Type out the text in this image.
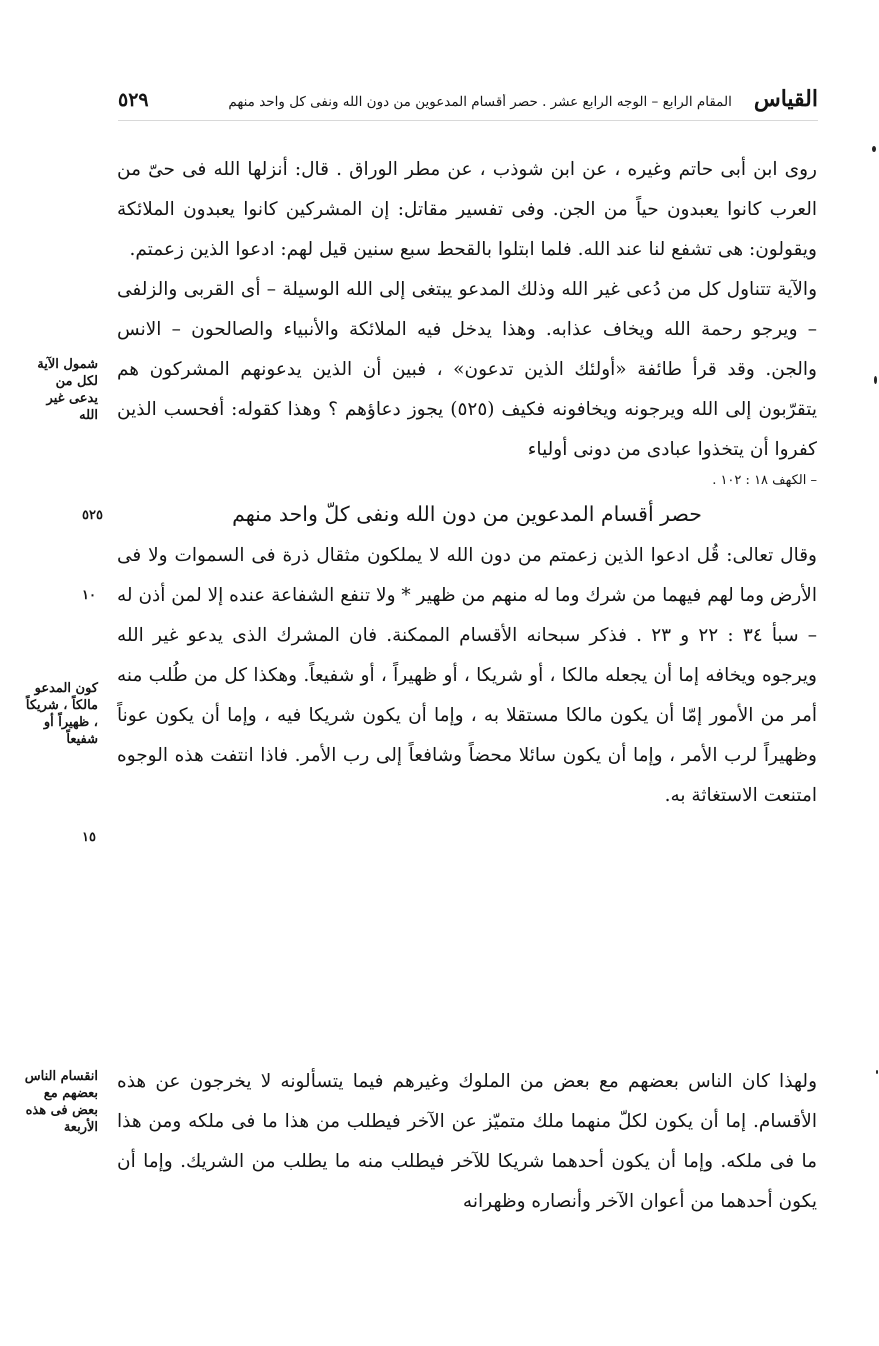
القياس
المقام الرابع – الوجه الرابع عشر . حصر أقسام المدعوين من دون الله ونفى كل واحد منهم
٥٢٩

روى ابن أبى حاتم وغيره ، عن ابن شوذب ، عن مطر الوراق . قال: أنزلها الله فى حىّ من العرب كانوا يعبدون حياً من الجن. وفى تفسير مقاتل: إن المشركين كانوا يعبدون الملائكة ويقولون: هى تشفع لنا عند الله. فلما ابتلوا بالقحط سبع سنين قيل لهم: ادعوا الذين زعمتم.

والآية تتناول كل من دُعى غير الله وذلك المدعو يبتغى إلى الله الوسيلة – أى القربى والزلفى – ويرجو رحمة الله ويخاف عذابه. وهذا يدخل فيه الملائكة والأنبياء والصالحون – الانس والجن. وقد قرأ طائفة «أولئك الذين تدعون» ، فبين أن الذين يدعونهم المشركون هم يتقرّبون إلى الله ويرجونه ويخافونه فكيف (٥٢٥) يجوز دعاؤهم ؟ وهذا كقوله: أفحسب الذين كفروا أن يتخذوا عبادى من دونى أولياء

– الكهف ١٨ : ١٠٢ .

حصر أقسام المدعوين من دون الله ونفى كلّ واحد منهم

وقال تعالى: قُل ادعوا الذين زعمتم من دون الله لا يملكون مثقال ذرة فى السموات ولا فى الأرض وما لهم فيهما من شرك وما له منهم من ظهير * ولا تنفع الشفاعة عنده إلا لمن أذن له – سبأ ٣٤ : ٢٢ و ٢٣ . فذكر سبحانه الأقسام الممكنة. فان المشرك الذى يدعو غير الله ويرجوه ويخافه إما أن يجعله مالكا ، أو شريكا ، أو ظهيراً ، أو شفيعاً. وهكذا كل من طُلب منه أمر من الأمور إمّا أن يكون مالكا مستقلا به ، وإما أن يكون شريكا فيه ، وإما أن يكون عوناً وظهيراً لرب الأمر ، وإما أن يكون سائلا محضاً وشافعاً إلى رب الأمر. فاذا انتفت هذه الوجوه امتنعت الاستغاثة به.

ولهذا كان الناس بعضهم مع بعض من الملوك وغيرهم فيما يتسألونه لا يخرجون عن هذه الأقسام. إما أن يكون لكلّ منهما ملك متميّز عن الآخر فيطلب من هذا ما فى ملكه ومن هذا ما فى ملكه. وإما أن يكون أحدهما شريكا للآخر فيطلب منه ما يطلب من الشريك. وإما أن يكون أحدهما من أعوان الآخر وأنصاره وظهرانه

شمول الآية لكل من يدعى غير الله
كون المدعو مالكاً ، شريكاً ، ظهيراً أو شفيعاً
انقسام الناس بعضهم مع بعض فى هذه الأربعة
٥٢٥
١٠
١٥
